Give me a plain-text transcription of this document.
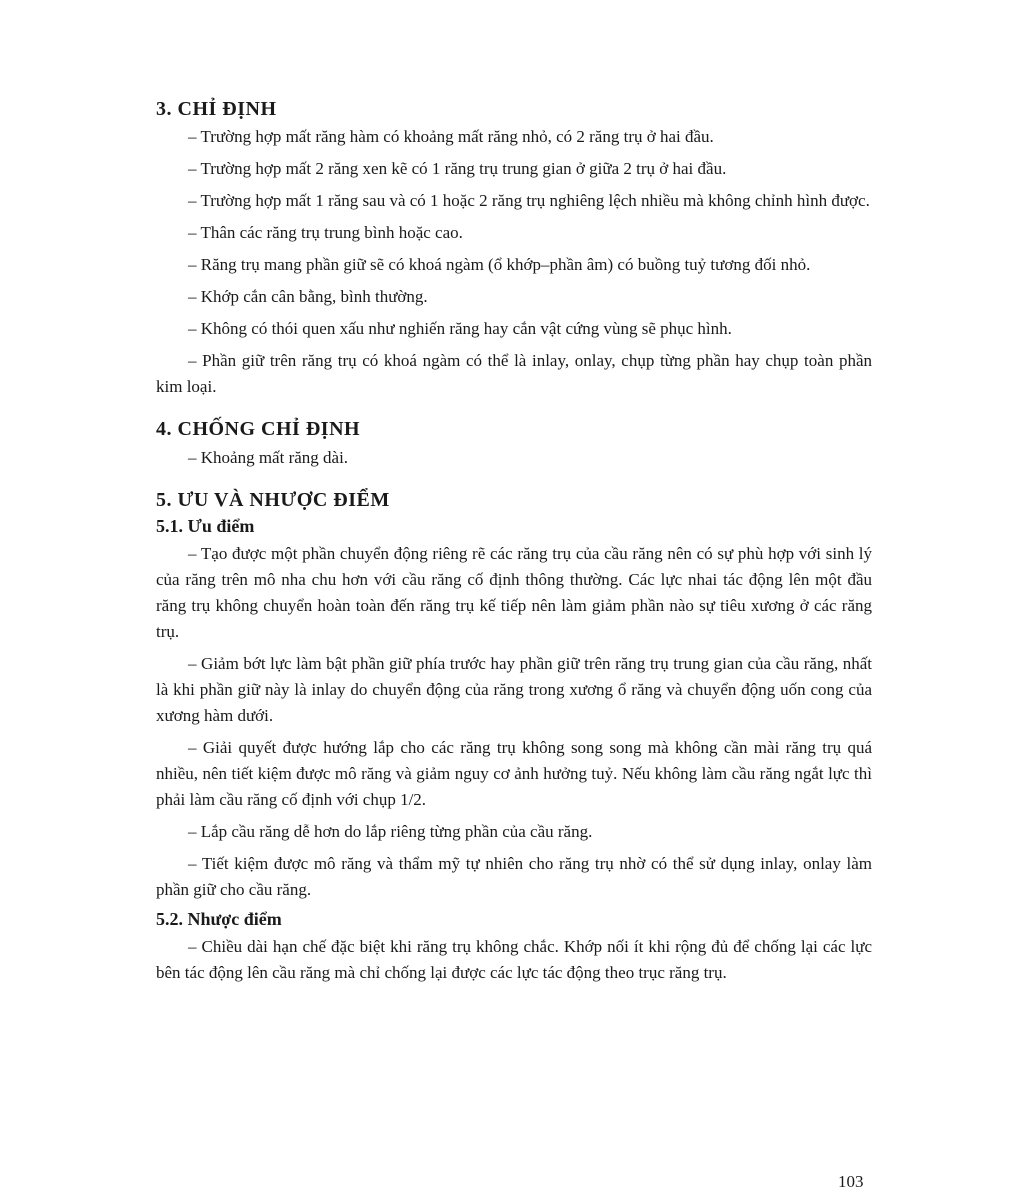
3. CHỈ ĐỊNH

– Trường hợp mất răng hàm có khoảng mất răng nhỏ, có 2 răng trụ ở hai đầu.

– Trường hợp mất 2 răng xen kẽ có 1 răng trụ trung gian ở giữa 2 trụ ở hai đầu.

– Trường hợp mất 1 răng sau và có 1 hoặc 2 răng trụ nghiêng lệch nhiều mà không chỉnh hình được.

– Thân các răng trụ trung bình hoặc cao.

– Răng trụ mang phần giữ sẽ có khoá ngàm (ổ khớp–phần âm) có buồng tuỷ tương đối nhỏ.

– Khớp cắn cân bằng, bình thường.

– Không có thói quen xấu như nghiến răng hay cắn vật cứng vùng sẽ phục hình.

– Phần giữ trên răng trụ có khoá ngàm có thể là inlay, onlay, chụp từng phần hay chụp toàn phần kim loại.

4. CHỐNG CHỈ ĐỊNH

– Khoảng mất răng dài.

5. ƯU VÀ NHƯỢC ĐIỂM
5.1. Ưu điểm

– Tạo được một phần chuyển động riêng rẽ các răng trụ của cầu răng nên có sự phù hợp với sinh lý của răng trên mô nha chu hơn với cầu răng cố định thông thường. Các lực nhai tác động lên một đầu răng trụ không chuyển hoàn toàn đến răng trụ kế tiếp nên làm giảm phần nào sự tiêu xương ở các răng trụ.

– Giảm bớt lực làm bật phần giữ phía trước hay phần giữ trên răng trụ trung gian của cầu răng, nhất là khi phần giữ này là inlay do chuyển động của răng trong xương ổ răng và chuyển động uốn cong của xương hàm dưới.

– Giải quyết được hướng lắp cho các răng trụ không song song mà không cần mài răng trụ quá nhiều, nên tiết kiệm được mô răng và giảm nguy cơ ảnh hưởng tuỷ. Nếu không làm cầu răng ngắt lực thì phải làm cầu răng cố định với chụp 1/2.

– Lắp cầu răng dễ hơn do lắp riêng từng phần của cầu răng.

– Tiết kiệm được mô răng và thẩm mỹ tự nhiên cho răng trụ nhờ có thể sử dụng inlay, onlay làm phần giữ cho cầu răng.

5.2. Nhược điểm

– Chiều dài hạn chế đặc biệt khi răng trụ không chắc. Khớp nối ít khi rộng đủ để chống lại các lực bên tác động lên cầu răng mà chỉ chống lại được các lực tác động theo trục răng trụ.

103
